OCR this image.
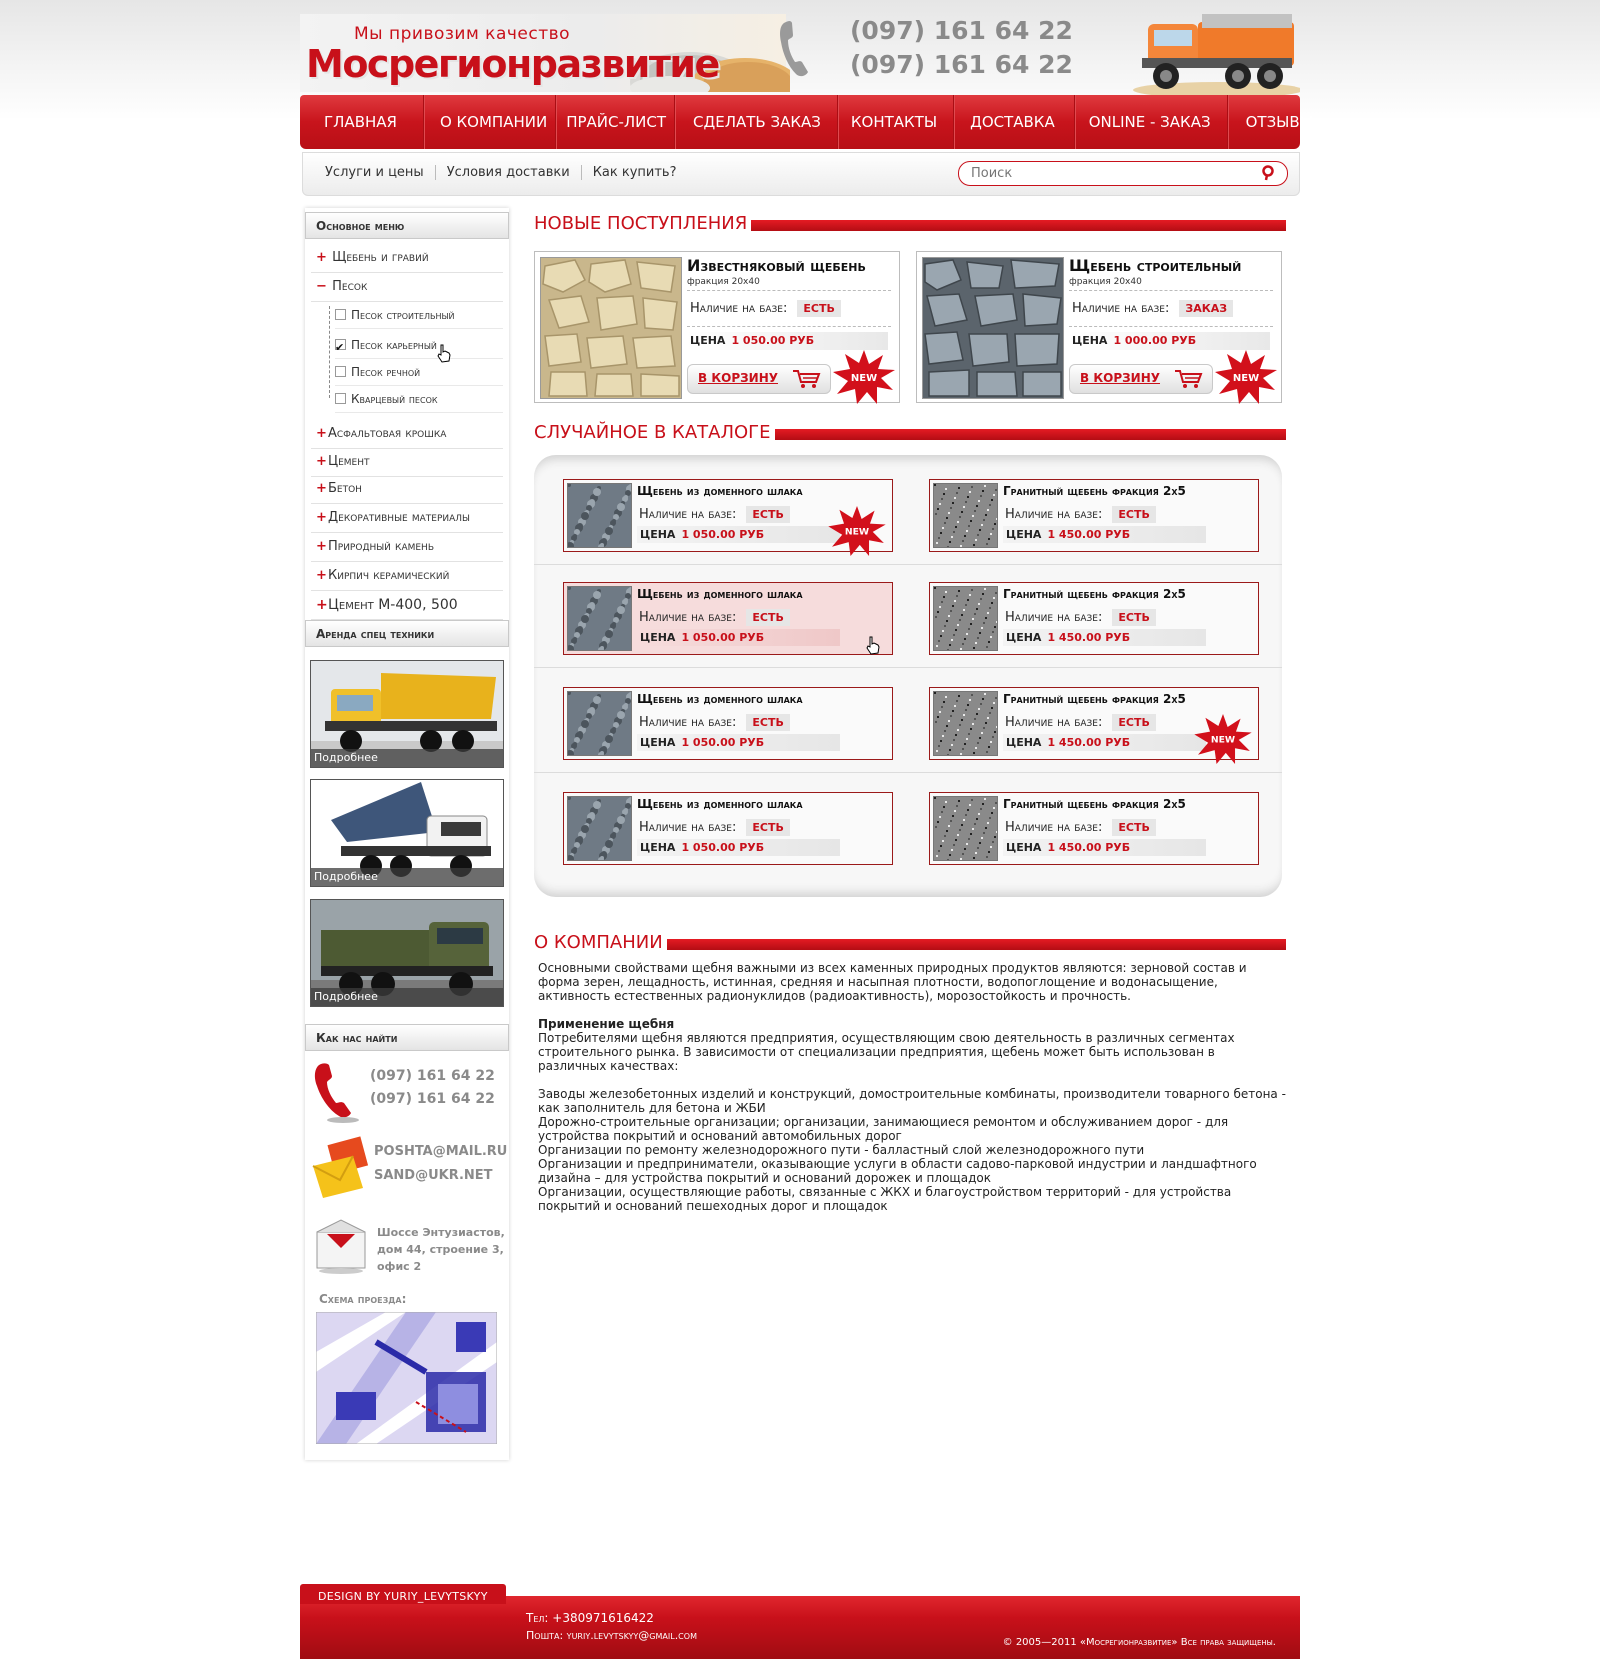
Мы привозим качество
Мосрегионразвитие
(097) 161 64 22
(097) 161 64 22
ГЛАВНАЯ	О КОМПАНИИ	ПРАЙС-ЛИСТ	СДЕЛАТЬ ЗАКАЗ	КОНТАКТЫ	ДОСТАВКА	ONLINE - ЗАКАЗ	ОТЗЫВЫ
Услуги и цены	Условия доставки	Как купить?
Поиск
Основное меню
+ Щебень и гравий
− Песок
Песок строительный
✔Песок карьерный
Песок речной
Кварцевый песок
+Асфальтовая крошка
+Цемент
+Бетон
+Декоративные материалы
+Природный камень
+Кирпич керамический
+Цемент М-400, 500
Аренда спец техники
Подробнее
Подробнее
Подробнее
Как нас найти
(097) 161 64 22
(097) 161 64 22
POSHTA@MAIL.RU
SAND@UKR.NET
Шоссе Энтузиастов,
дом 44, строение 3,
офис 2
Схема проезда:
НОВЫЕ ПОСТУПЛЕНИЯ
Известняковый щебень
фракция 20х40
Наличие на базе: ЕСТЬ
ЦЕНА 1 050.00 РУБ
В КОРЗИНУ	NEW
Щебень строительный
фракция 20х40
Наличие на базе: ЗАКАЗ
ЦЕНА 1 000.00 РУБ
В КОРЗИНУ	NEW
СЛУЧАЙНОЕ В КАТАЛОГЕ
Щебень из доменного шлака
Наличие на базе: ЕСТЬ
ЦЕНА 1 050.00 РУБ	NEW
Гранитный щебень фракция 2х5
Наличие на базе: ЕСТЬ
ЦЕНА 1 450.00 РУБ
Щебень из доменного шлака
Наличие на базе: ЕСТЬ
ЦЕНА 1 050.00 РУБ
Гранитный щебень фракция 2х5
Наличие на базе: ЕСТЬ
ЦЕНА 1 450.00 РУБ
Щебень из доменного шлака
Наличие на базе: ЕСТЬ
ЦЕНА 1 050.00 РУБ
Гранитный щебень фракция 2х5
Наличие на базе: ЕСТЬ
ЦЕНА 1 450.00 РУБ	NEW
Щебень из доменного шлака
Наличие на базе: ЕСТЬ
ЦЕНА 1 050.00 РУБ
Гранитный щебень фракция 2х5
Наличие на базе: ЕСТЬ
ЦЕНА 1 450.00 РУБ
О КОМПАНИИ

Основными свойствами щебня важными из всех каменных природных продуктов являются: зерновой состав и форма зерен, лещадность, истинная, средняя и насыпная плотности, водопоглощение и водонасыщение, активность естественных радионуклидов (радиоактивность), морозостойкость и прочность.

Применение щебня

Потребителями щебня являются предприятия, осуществляющим свою деятельность в различных сегментах строительного рынка. В зависимости от специализации предприятия, щебень может быть использован в различных качествах:

Заводы железобетонных изделий и конструкций, домостроительные комбинаты, производители товарного бетона - как заполнитель для бетона и ЖБИ

Дорожно-строительные организации; организации, занимающиеся ремонтом и обслуживанием дорог - для устройства покрытий и оснований автомобильных дорог

Организации по ремонту железнодорожного пути - балластный слой железнодорожного пути

Организации и предприниматели, оказывающие услуги в области садово-парковой индустрии и ландшафтного дизайна – для устройства покрытий и оснований дорожек и площадок

Организации, осуществляющие работы, связанные с ЖКХ и благоустройством территорий - для устройства покрытий и оснований пешеходных дорог и площадок

DESIGN BY YURIY_LEVYTSKYY
Тел: +380971616422
Пошта: yuriy.levytskyy@gmail.com
© 2005—2011 «Мосрегионразвитие» Все права защищены.
